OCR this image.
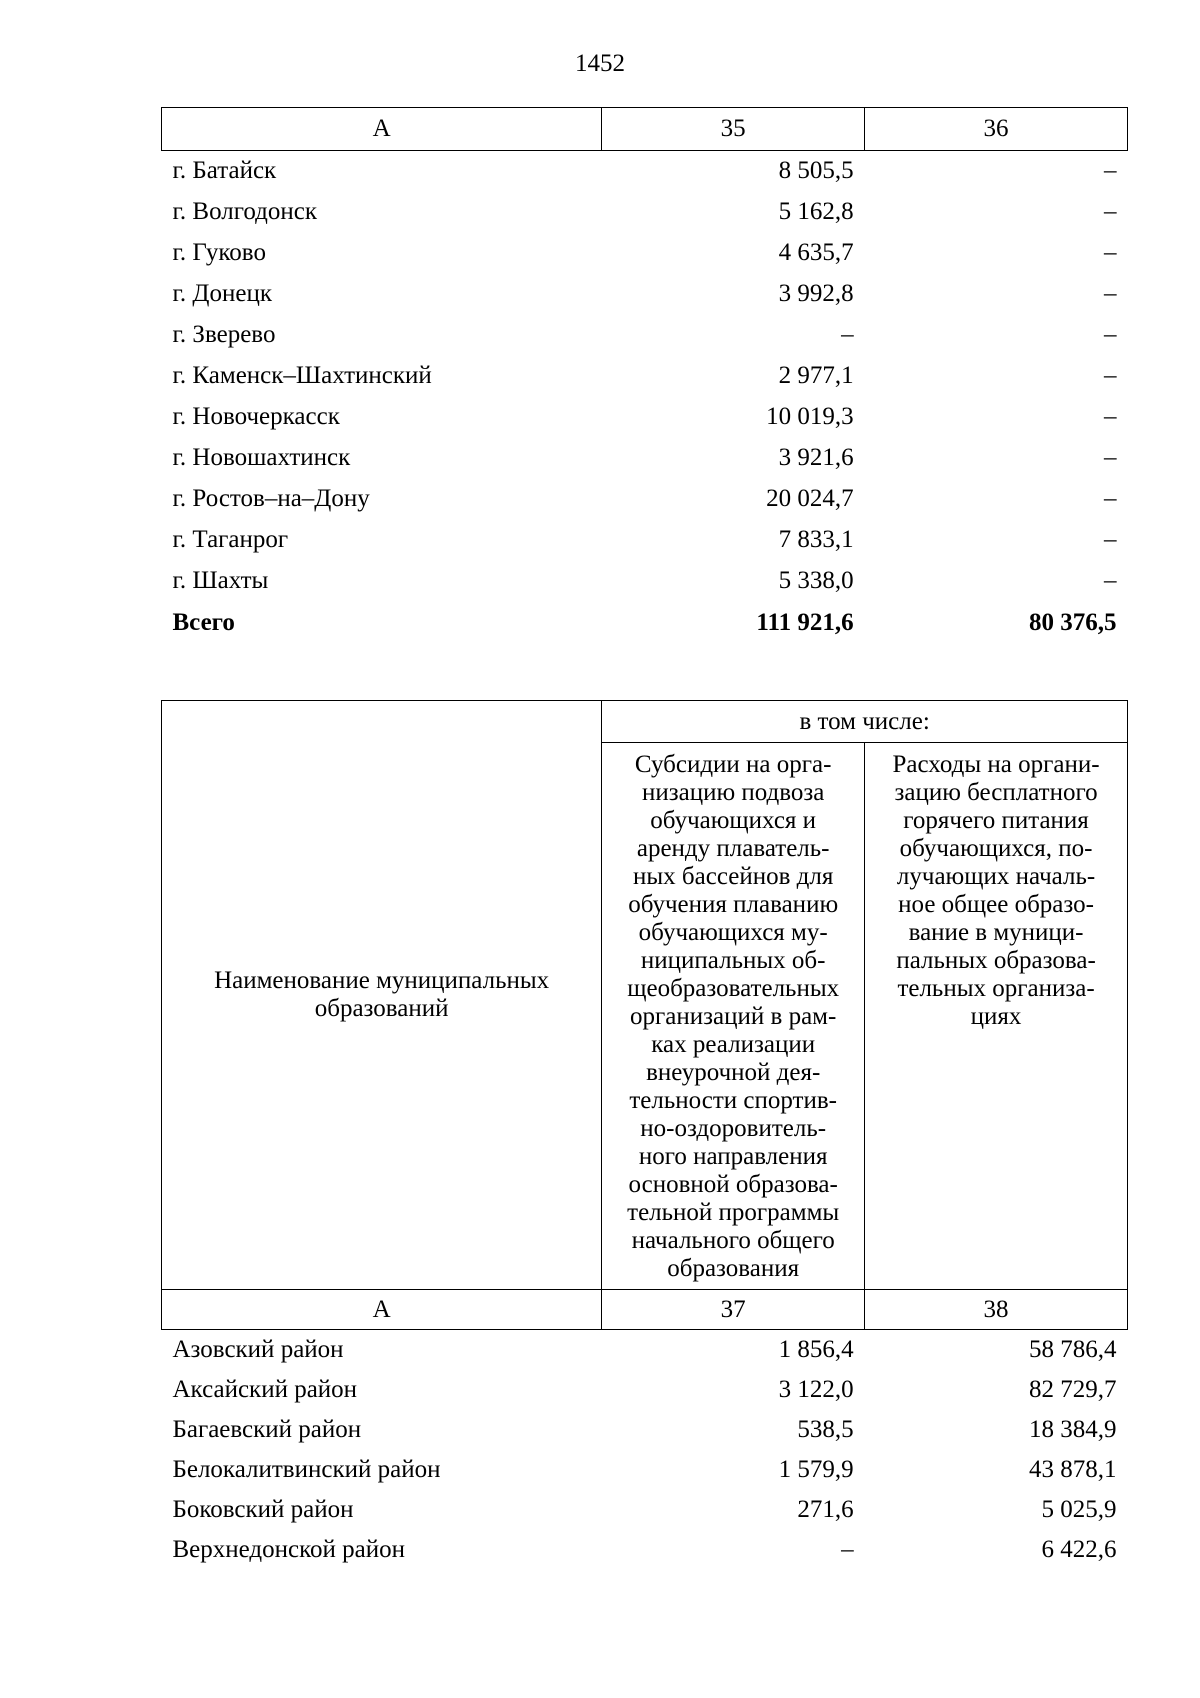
1452
А	35	36
г. Батайск	8 505,5	–
г. Волгодонск	5 162,8	–
г. Гуково	4 635,7	–
г. Донецк	3 992,8	–
г. Зверево	–	–
г. Каменск–Шахтинский	2 977,1	–
г. Новочеркасск	10 019,3	–
г. Новошахтинск	3 921,6	–
г. Ростов–на–Дону	20 024,7	–
г. Таганрог	7 833,1	–
г. Шахты	5 338,0	–
Всего	111 921,6	80 376,5
Наименование муниципальных образований	в том числе:	
	Субсидии на орга- низацию подвоза обучающихся и аренду плаватель- ных бассейнов для обучения плаванию обучающихся му- ниципальных об- щеобразовательных организаций в рам- ках реализации внеурочной дея- тельности спортив- но-оздоровитель- ного направления основной образова- тельной программы начального общего образования	Расходы на органи- зацию бесплатного горячего питания обучающихся, по- лучающих началь- ное общее образо- вание в муници- пальных образова- тельных организа- циях
А	37	38
Азовский район	1 856,4	58 786,4
Аксайский район	3 122,0	82 729,7
Багаевский район	538,5	18 384,9
Белокалитвинский район	1 579,9	43 878,1
Боковский район	271,6	5 025,9
Верхнедонской район	–	6 422,6
